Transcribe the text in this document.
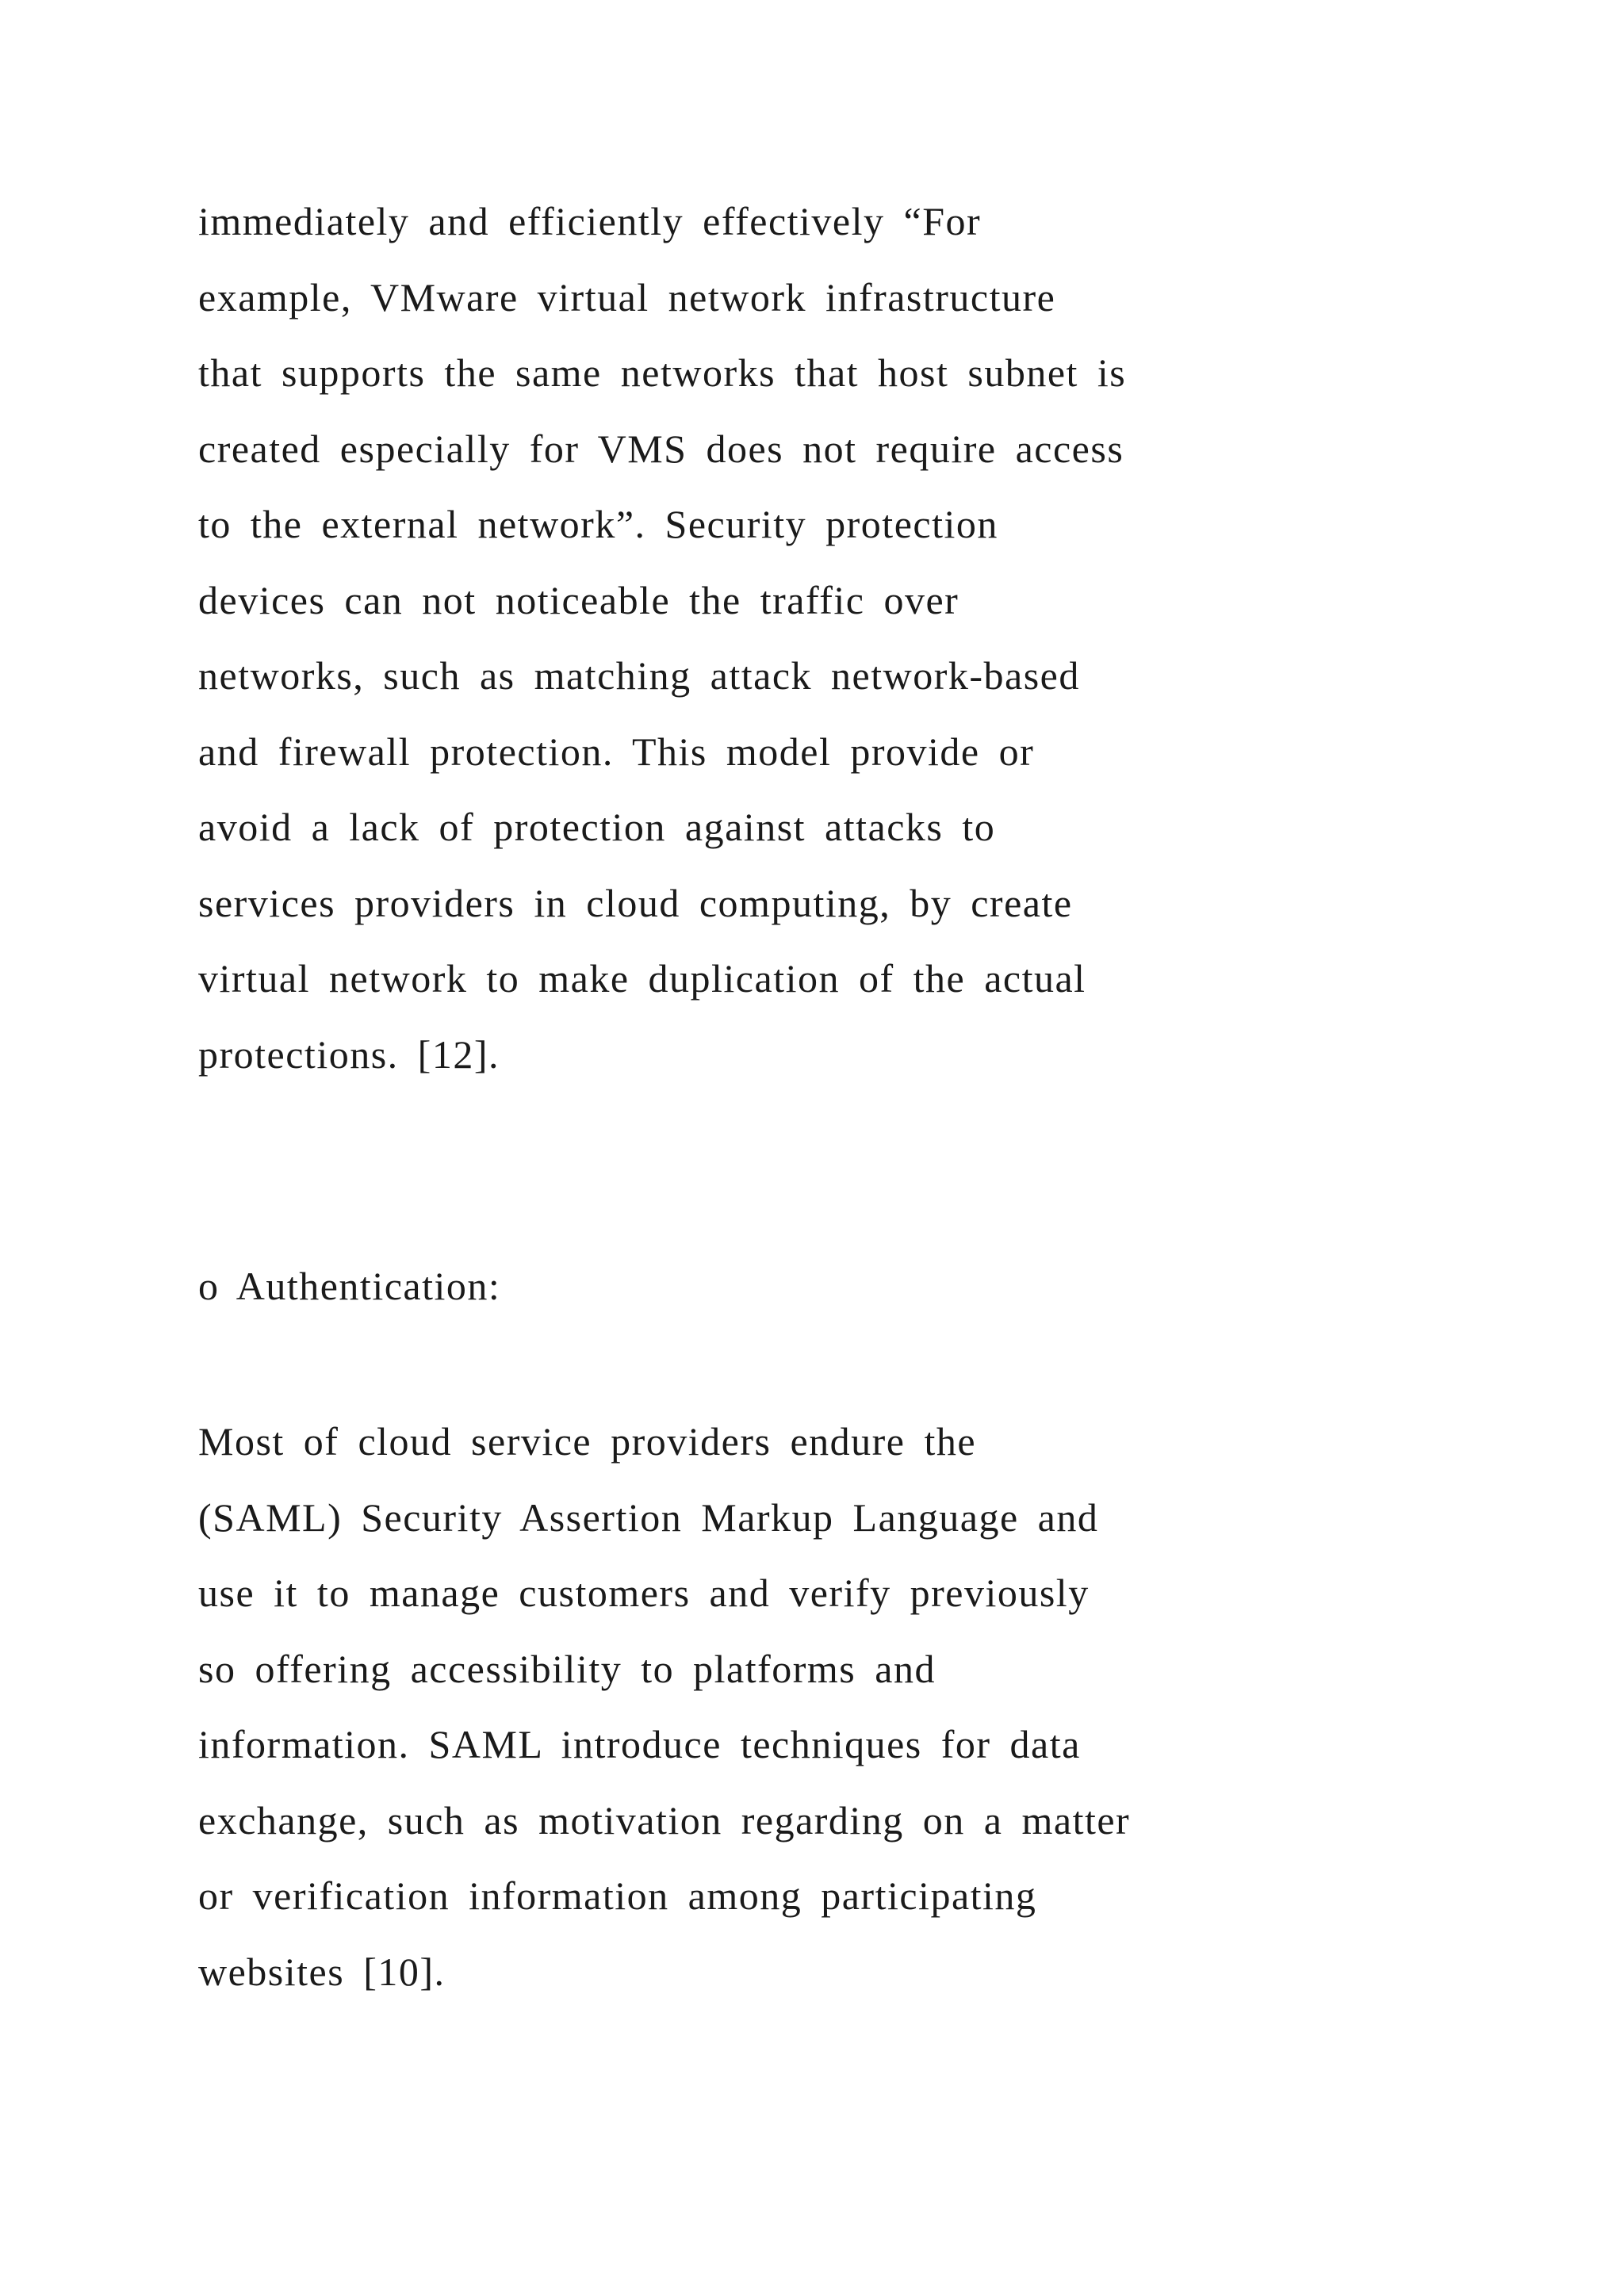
immediately and efficiently effectively “For
example, VMware virtual network infrastructure
that supports the same networks that host subnet is
created especially for VMS does not require access
to the external network”. Security protection
devices can not noticeable the traffic over
networks, such as matching attack network-based
and firewall protection. This model provide or
avoid a lack of protection against attacks to
services providers in cloud computing, by create
virtual network to make duplication of the actual
protections. [12].
o Authentication:
Most of cloud service providers endure the
(SAML) Security Assertion Markup Language and
use it to manage customers and verify previously
so offering accessibility to platforms and
information. SAML introduce techniques for data
exchange, such as motivation regarding on a matter
or verification information among participating
websites [10].
